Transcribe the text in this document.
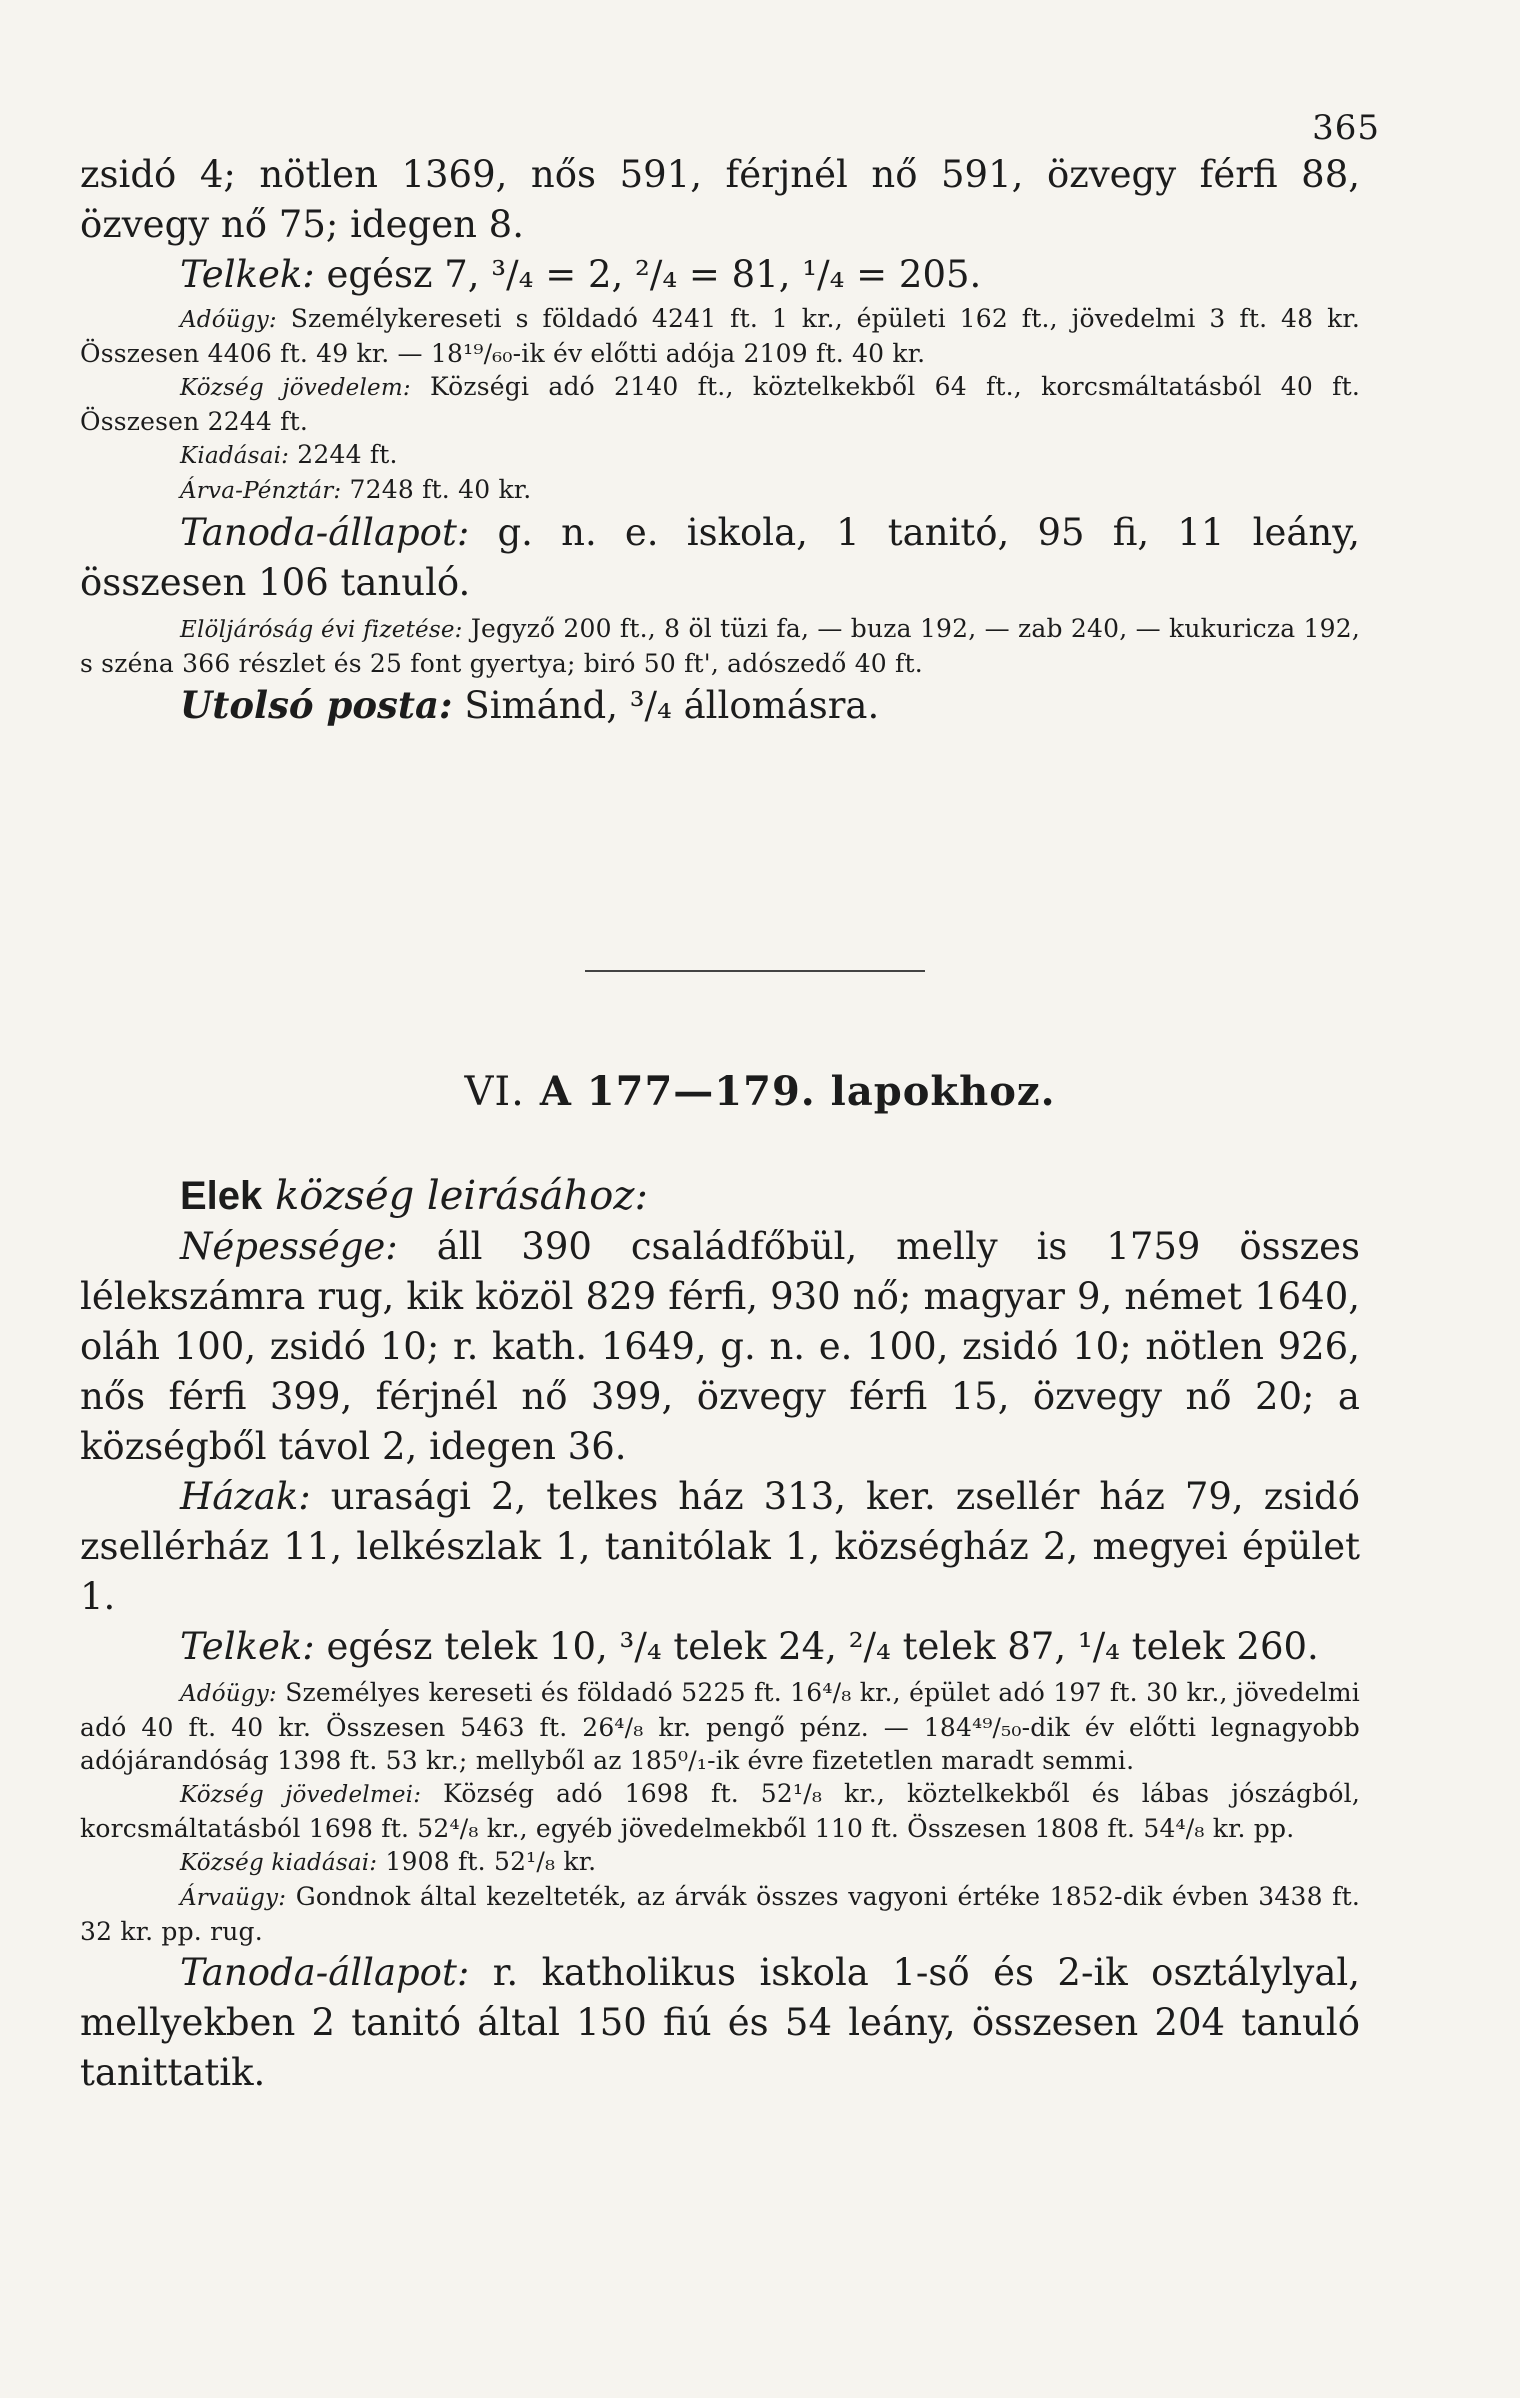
365

zsidó 4; nötlen 1369, nős 591, férjnél nő 591, özvegy férfi 88, özvegy nő 75; idegen 8.

Telkek: egész 7, ³/₄ = 2, ²/₄ = 81, ¹/₄ = 205.

Adóügy: Személykereseti s földadó 4241 ft. 1 kr., épületi 162 ft., jövedelmi 3 ft. 48 kr. Összesen 4406 ft. 49 kr. — 18¹⁹/₆₀-ik év előtti adója 2109 ft. 40 kr.

Község jövedelem: Községi adó 2140 ft., köztelkekből 64 ft., korcsmáltatásból 40 ft. Összesen 2244 ft.

Kiadásai: 2244 ft.

Árva-Pénztár: 7248 ft. 40 kr.

Tanoda-állapot: g. n. e. iskola, 1 tanitó, 95 fi, 11 leány, összesen 106 tanuló.

Elöljáróság évi fizetése: Jegyző 200 ft., 8 öl tüzi fa, — buza 192, — zab 240, — kukuricza 192, s széna 366 részlet és 25 font gyertya; biró 50 ft', adószedő 40 ft.

Utolsó posta: Simánd, ³/₄ állomásra.

VI. A 177—179. lapokhoz.

Elek község leirásához:

Népessége: áll 390 családfőbül, melly is 1759 összes lélekszámra rug, kik közöl 829 férfi, 930 nő; magyar 9, német 1640, oláh 100, zsidó 10; r. kath. 1649, g. n. e. 100, zsidó 10; nötlen 926, nős férfi 399, férjnél nő 399, özvegy férfi 15, özvegy nő 20; a községből távol 2, idegen 36.

Házak: urasági 2, telkes ház 313, ker. zsellér ház 79, zsidó zsellérház 11, lelkészlak 1, tanitólak 1, községház 2, megyei épület 1.

Telkek: egész telek 10, ³/₄ telek 24, ²/₄ telek 87, ¹/₄ telek 260.

Adóügy: Személyes kereseti és földadó 5225 ft. 16⁴/₈ kr., épület adó 197 ft. 30 kr., jövedelmi adó 40 ft. 40 kr. Összesen 5463 ft. 26⁴/₈ kr. pengő pénz. — 184⁴⁹/₅₀-dik év előtti legnagyobb adójárandóság 1398 ft. 53 kr.; mellyből az 185⁰/₁-ik évre fizetetlen maradt semmi.

Község jövedelmei: Község adó 1698 ft. 52¹/₈ kr., köztelkekből és lábas jószágból, korcsmáltatásból 1698 ft. 52⁴/₈ kr., egyéb jövedelmekből 110 ft. Összesen 1808 ft. 54⁴/₈ kr. pp.

Község kiadásai: 1908 ft. 52¹/₈ kr.

Árvaügy: Gondnok által kezelteték, az árvák összes vagyoni értéke 1852-dik évben 3438 ft. 32 kr. pp. rug.

Tanoda-állapot: r. katholikus iskola 1-ső és 2-ik osztálylyal, mellyekben 2 tanitó által 150 fiú és 54 leány, összesen 204 tanuló tanittatik.
